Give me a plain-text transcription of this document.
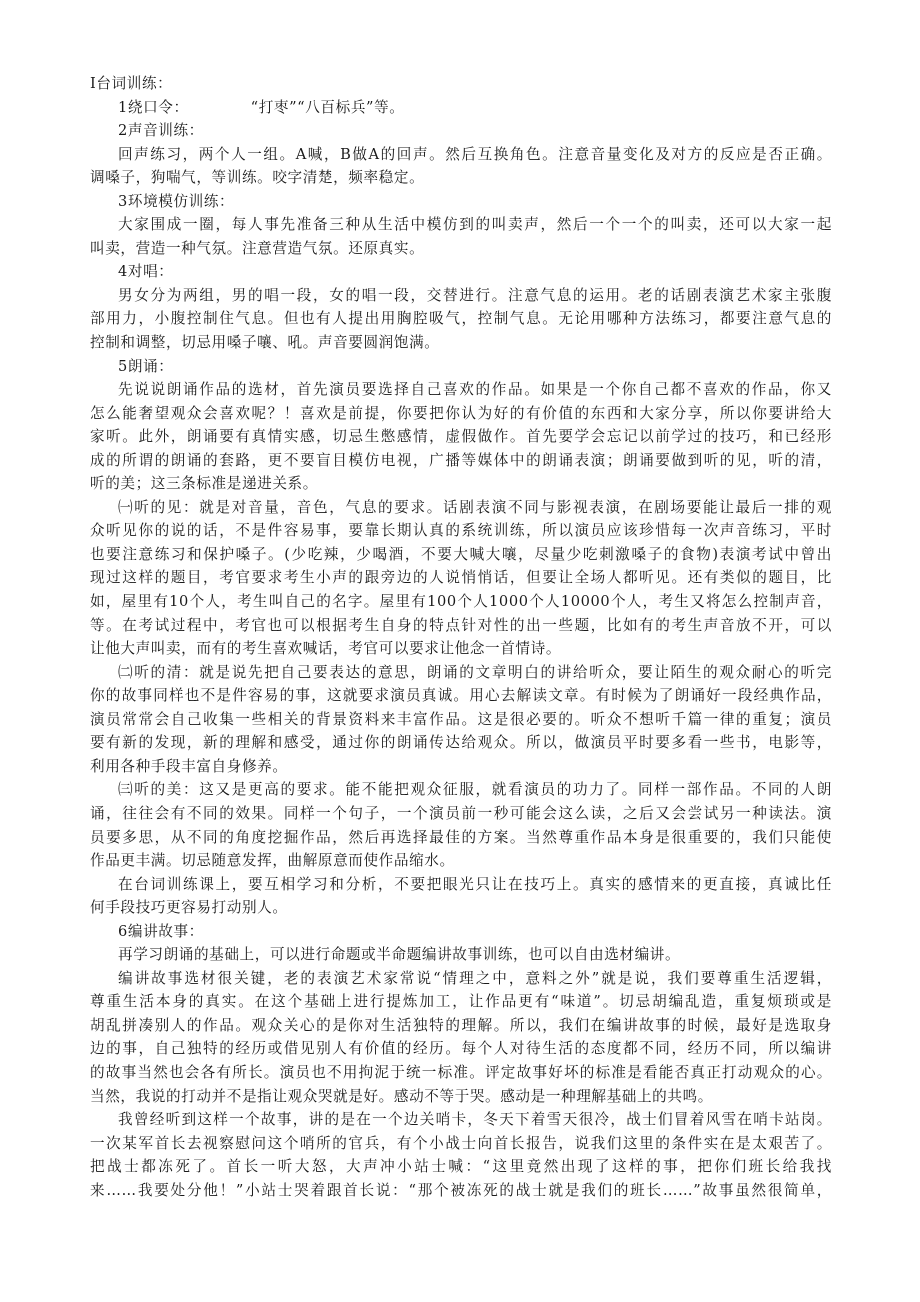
Ⅰ台词训练：

1绕口令：	“打枣”“八百标兵”等。

2声音训练：

回声练习，两个人一组。A喊，B做A的回声。然后互换角色。注意音量变化及对方的反应是否正确。

调嗓子，狗喘气，等训练。咬字清楚，频率稳定。

3环境模仿训练：

大家围成一圈，每人事先准备三种从生活中模仿到的叫卖声，然后一个一个的叫卖，还可以大家一起

叫卖，营造一种气氛。注意营造气氛。还原真实。

4对唱：

男女分为两组，男的唱一段，女的唱一段，交替进行。注意气息的运用。老的话剧表演艺术家主张腹

部用力，小腹控制住气息。但也有人提出用胸腔吸气，控制气息。无论用哪种方法练习，都要注意气息的

控制和调整，切忌用嗓子嚷、吼。声音要圆润饱满。

5朗诵：

先说说朗诵作品的选材，首先演员要选择自己喜欢的作品。如果是一个你自己都不喜欢的作品，你又

怎么能奢望观众会喜欢呢？！喜欢是前提，你要把你认为好的有价值的东西和大家分享，所以你要讲给大

家听。此外，朗诵要有真情实感，切忌生憋感情，虚假做作。首先要学会忘记以前学过的技巧，和已经形

成的所谓的朗诵的套路，更不要盲目模仿电视，广播等媒体中的朗诵表演；朗诵要做到听的见，听的清，

听的美；这三条标准是递进关系。

㈠听的见：就是对音量，音色，气息的要求。话剧表演不同与影视表演，在剧场要能让最后一排的观

众听见你的说的话，不是件容易事，要靠长期认真的系统训练，所以演员应该珍惜每一次声音练习，平时

也要注意练习和保护嗓子。(少吃辣，少喝酒，不要大喊大嚷，尽量少吃刺激嗓子的食物)表演考试中曾出

现过这样的题目，考官要求考生小声的跟旁边的人说悄悄话，但要让全场人都听见。还有类似的题目，比

如，屋里有10个人，考生叫自己的名字。屋里有100个人1000个人10000个人，考生又将怎么控制声音，

等。在考试过程中，考官也可以根据考生自身的特点针对性的出一些题，比如有的考生声音放不开，可以

让他大声叫卖，而有的考生喜欢喊话，考官可以要求让他念一首情诗。

㈡听的清：就是说先把自己要表达的意思，朗诵的文章明白的讲给听众，要让陌生的观众耐心的听完

你的故事同样也不是件容易的事，这就要求演员真诚。用心去解读文章。有时候为了朗诵好一段经典作品，

演员常常会自己收集一些相关的背景资料来丰富作品。这是很必要的。听众不想听千篇一律的重复；演员

要有新的发现，新的理解和感受，通过你的朗诵传达给观众。所以，做演员平时要多看一些书，电影等，

利用各种手段丰富自身修养。

㈢听的美：这又是更高的要求。能不能把观众征服，就看演员的功力了。同样一部作品。不同的人朗

诵，往往会有不同的效果。同样一个句子，一个演员前一秒可能会这么读，之后又会尝试另一种读法。演

员要多思，从不同的角度挖掘作品，然后再选择最佳的方案。当然尊重作品本身是很重要的，我们只能使

作品更丰满。切忌随意发挥，曲解原意而使作品缩水。

在台词训练课上，要互相学习和分析，不要把眼光只让在技巧上。真实的感情来的更直接，真诚比任

何手段技巧更容易打动别人。

6编讲故事：

再学习朗诵的基础上，可以进行命题或半命题编讲故事训练，也可以自由选材编讲。

编讲故事选材很关键，老的表演艺术家常说“情理之中，意料之外”就是说，我们要尊重生活逻辑，

尊重生活本身的真实。在这个基础上进行提炼加工，让作品更有“味道”。切忌胡编乱造，重复烦琐或是

胡乱拼凑别人的作品。观众关心的是你对生活独特的理解。所以，我们在编讲故事的时候，最好是选取身

边的事，自己独特的经历或借见别人有价值的经历。每个人对待生活的态度都不同，经历不同，所以编讲

的故事当然也会各有所长。演员也不用拘泥于统一标准。评定故事好坏的标准是看能否真正打动观众的心。

当然，我说的打动并不是指让观众哭就是好。感动不等于哭。感动是一种理解基础上的共鸣。

我曾经听到这样一个故事，讲的是在一个边关哨卡，冬天下着雪天很冷，战士们冒着风雪在哨卡站岗。

一次某军首长去视察慰问这个哨所的官兵，有个小战士向首长报告，说我们这里的条件实在是太艰苦了。

把战士都冻死了。首长一听大怒，大声冲小站士喊：“这里竟然出现了这样的事，把你们班长给我找

来……我要处分他！”小站士哭着跟首长说：“那个被冻死的战士就是我们的班长……”故事虽然很简单，
